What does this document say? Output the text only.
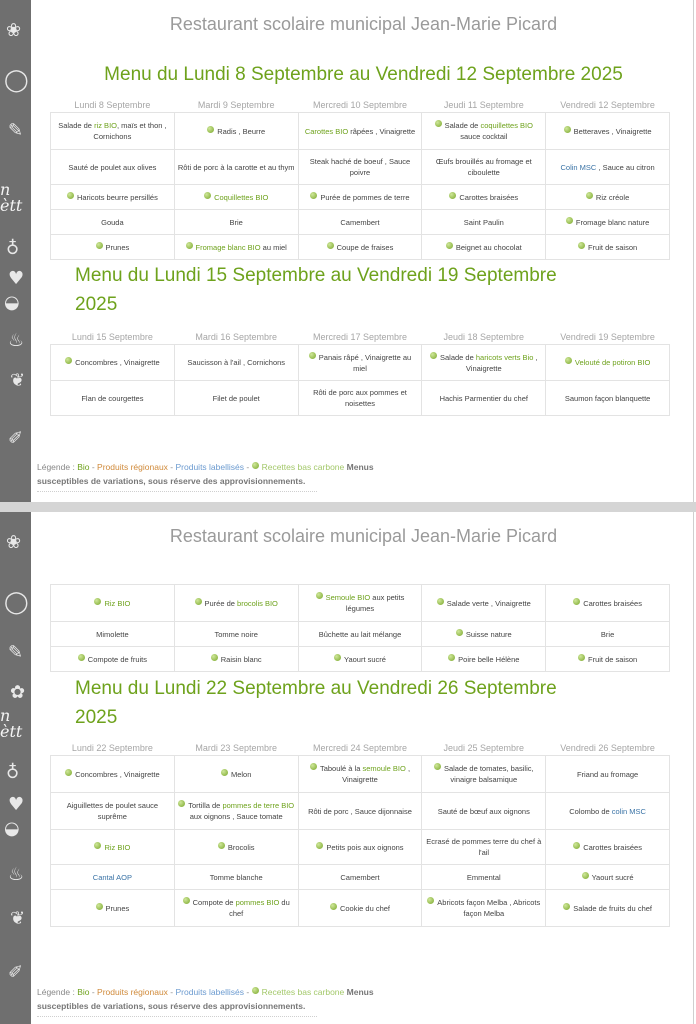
❀
◯
✎
n
ètt
♁
♥
◒
♨
❦
✐
Restaurant scolaire municipal Jean-Marie Picard
Menu du Lundi 8 Septembre au Vendredi 12 Septembre 2025
Lundi 8 Septembre	Mardi 9 Septembre	Mercredi 10 Septembre	Jeudi 11 Septembre	Vendredi 12 Septembre
Salade de riz BIO, maïs et thon , Cornichons	Radis , Beurre	Carottes BIO râpées , Vinaigrette	Salade de coquillettes BIO sauce cocktail	Betteraves , Vinaigrette
Sauté de poulet aux olives	Rôti de porc à la carotte et au thym	Steak haché de boeuf , Sauce poivre	Œufs brouillés au fromage et ciboulette	Colin MSC , Sauce au citron
Haricots beurre persillés	Coquillettes BIO	Purée de pommes de terre	Carottes braisées	Riz créole
Gouda	Brie	Camembert	Saint Paulin	Fromage blanc nature
Prunes	Fromage blanc BIO au miel	Coupe de fraises	Beignet au chocolat	Fruit de saison
Menu du Lundi 15 Septembre au Vendredi 19 Septembre
2025
Lundi 15 Septembre	Mardi 16 Septembre	Mercredi 17 Septembre	Jeudi 18 Septembre	Vendredi 19 Septembre
Concombres , Vinaigrette	Saucisson à l'ail , Cornichons	Panais râpé , Vinaigrette au miel	Salade de haricots verts Bio , Vinaigrette	Velouté de potiron BIO
Flan de courgettes	Filet de poulet	Rôti de porc aux pommes et noisettes	Hachis Parmentier du chef	Saumon façon blanquette
Légende : Bio - Produits régionaux - Produits labellisés - Recettes bas carbone Menus
susceptibles de variations, sous réserve des approvisionnements.
❀
◯
✎
✿
n
ètt
♁
♥
◒
♨
❦
✐
Restaurant scolaire municipal Jean-Marie Picard
Riz BIO	Purée de brocolis BIO	Semoule BIO aux petits légumes	Salade verte , Vinaigrette	Carottes braisées
Mimolette	Tomme noire	Bûchette au lait mélange	Suisse nature	Brie
Compote de fruits	Raisin blanc	Yaourt sucré	Poire belle Hélène	Fruit de saison
Menu du Lundi 22 Septembre au Vendredi 26 Septembre
2025
Lundi 22 Septembre	Mardi 23 Septembre	Mercredi 24 Septembre	Jeudi 25 Septembre	Vendredi 26 Septembre
Concombres , Vinaigrette	Melon	Taboulé à la semoule BIO , Vinaigrette	Salade de tomates, basilic, vinaigre balsamique	Friand au fromage
Aiguillettes de poulet sauce suprême	Tortilla de pommes de terre BIO aux oignons , Sauce tomate	Rôti de porc , Sauce dijonnaise	Sauté de bœuf aux oignons	Colombo de colin MSC
Riz BIO	Brocolis	Petits pois aux oignons	Ecrasé de pommes terre du chef à l'ail	Carottes braisées
Cantal AOP	Tomme blanche	Camembert	Emmental	Yaourt sucré
Prunes	Compote de pommes BIO du chef	Cookie du chef	Abricots façon Melba , Abricots façon Melba	Salade de fruits du chef
Légende : Bio - Produits régionaux - Produits labellisés - Recettes bas carbone Menus
susceptibles de variations, sous réserve des approvisionnements.
